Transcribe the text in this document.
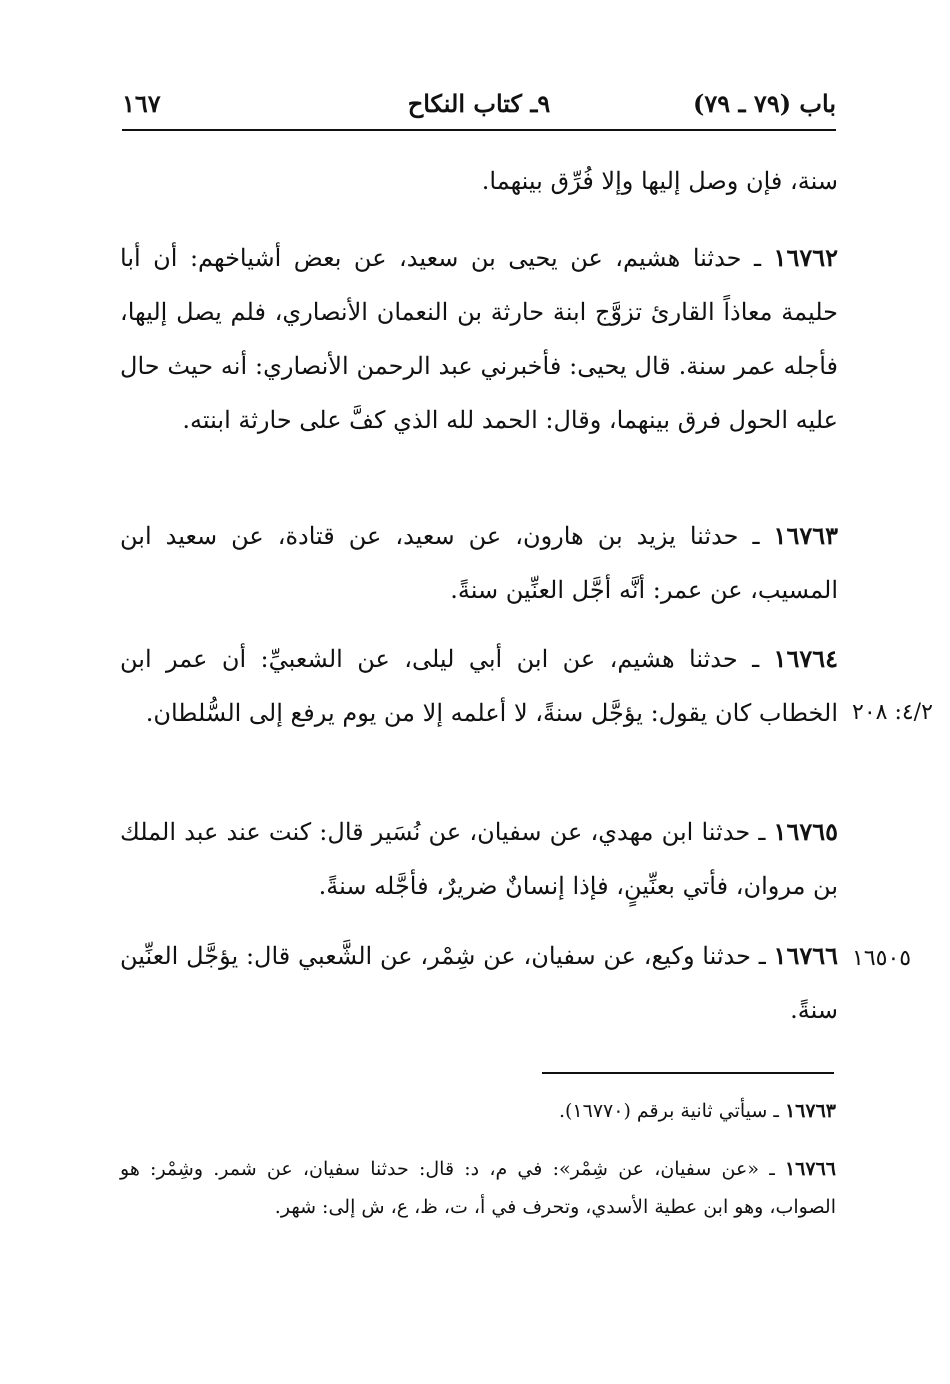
باب (٧٩ ـ ٧٩)
٩ـ كتاب النكاح
١٦٧

سنة، فإن وصل إليها وإلا فُرِّق بينهما.

١٦٧٦٢ ـ حدثنا هشيم، عن يحيى بن سعيد، عن بعض أشياخهم: أن أبا حليمة معاذاً القارئ تزوَّج ابنة حارثة بن النعمان الأنصاري، فلم يصل إليها، فأجله عمر سنة. قال يحيى: فأخبرني عبد الرحمن الأنصاري: أنه حيث حال عليه الحول فرق بينهما، وقال: الحمد لله الذي كفَّ على حارثة ابنته.

١٦٧٦٣ ـ حدثنا يزيد بن هارون، عن سعيد، عن قتادة، عن سعيد ابن المسيب، عن عمر: أنَّه أجَّل العنِّين سنةً.

١٦٧٦٤ ـ حدثنا هشيم، عن ابن أبي ليلى، عن الشعبيِّ: أن عمر ابن الخطاب كان يقول: يؤجَّل سنةً، لا أعلمه إلا من يوم يرفع إلى السُّلطان. ٤/٢: ٢٠٨

١٦٧٦٥ ـ حدثنا ابن مهدي، عن سفيان، عن نُسَير قال: كنت عند عبد الملك بن مروان، فأتي بعنِّينٍ، فإذا إنسانٌ ضريرٌ، فأجَّله سنةً.

١٦٧٦٦ ـ حدثنا وكيع، عن سفيان، عن شِمْر، عن الشَّعبي قال: يؤجَّل العنِّين سنةً.

١٦٥٠٥

١٦٧٦٣ ـ سيأتي ثانية برقم (١٦٧٧٠).

١٦٧٦٦ ـ «عن سفيان، عن شِمْر»: في م، د: قال: حدثنا سفيان، عن شمر. وشِمْر: هو الصواب، وهو ابن عطية الأسدي، وتحرف في أ، ت، ظ، ع، ش إلى: شهر.
